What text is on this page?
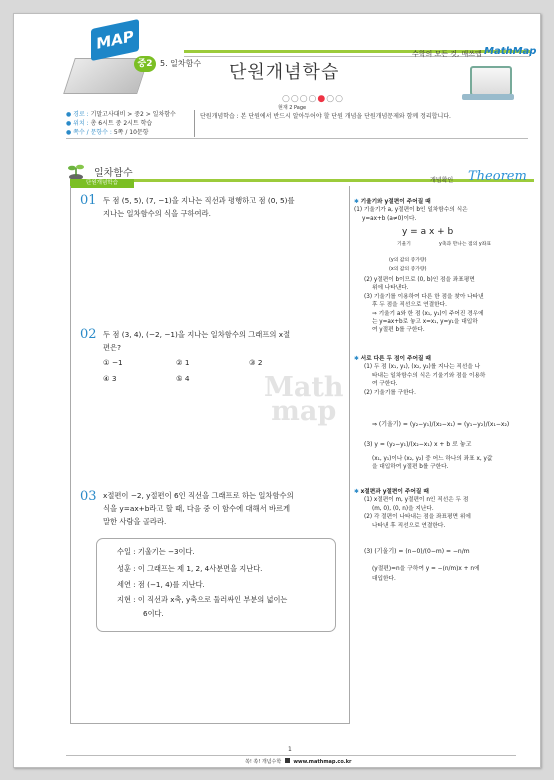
MAP
중2 5. 일차함수 단원개념학습
수학의 모든 것, 매쓰맵 MathMap
○○○○●○○
현재 2 Page
● 경로 : 기말고사대비 > 중2 > 일차함수
● 위치 : 총 6시트 중 2시트 학습
● 쪽수 / 문항수 : 5쪽 / 10문항
단원개념학습 : 본 단원에서 반드시 알아두어야 할 단원 개념을 단원개념문제와 함께 정리합니다.
일차함수
단원개념학습	개념확인 Theorem
Math
map
01 두 점 (5, 5), (7, −1)을 지나는 직선과 평행하고 점 (0, 5)를
지나는 일차함수의 식을 구하여라.
02 두 점 (3, 4), (−2, −1)을 지나는 일차함수의 그래프의 x절
편은?
① −1	② 1	③ 2
④ 3	⑤ 4
03 x절편이 −2, y절편이 6인 직선을 그래프로 하는 일차함수의
식을 y=ax+b라고 할 때, 다음 중 이 함수에 대해서 바르게
말한 사람을 골라라.
수일 : 기울기는 −3이다.
성훈 : 이 그래프는 제 1, 2, 4사분면을 지난다.
세연 : 점 (−1, 4)를 지난다.
지현 : 이 직선과 x축, y축으로 둘러싸인 부분의 넓이는
6이다.
✱ 기울기와 y절편이 주어질 때
(1) 기울기가 a, y절편이 b인 일차함수의 식은
y=ax+b (a≠0)이다.
y = a x + b
기울기	y축과 만나는 점의 y좌표
(y의 값의 증가량)
(x의 값의 증가량)
(2) y절편이 b이므로 (0, b)인 점을 좌표평면
위에 나타낸다.
(3) 기울기를 이용하여 다른 한 점을 찾아 나타낸
후 두 점을 직선으로 연결한다.
⇒ 기울기 a와 한 점 (x₁, y₁)이 주어진 경우에
는 y=ax+b로 놓고 x=x₁, y=y₁을 대입하
여 y절편 b를 구한다.
✱ 서로 다른 두 점이 주어질 때
(1) 두 점 (x₁, y₁), (x₂, y₂)를 지나는 직선을 나
타내는 일차함수의 식은 기울기와 점을 이용하
여 구한다.
(2) 기울기를 구한다.
⇒ (기울기) = (y₂−y₁)/(x₂−x₁) = (y₁−y₂)/(x₁−x₂)
(3) y = (y₂−y₁)/(x₂−x₁) x + b 로 놓고
(x₁, y₁)이나 (x₂, y₂) 중 어느 하나의 좌표 x, y값
을 대입하여 y절편 b를 구한다.
✱ x절편과 y절편이 주어질 때
(1) x절편이 m, y절편이 n인 직선은 두 점
(m, 0), (0, n)을 지난다.
(2) 각 절편이 나타내는 점을 좌표평면 위에
나타낸 후 직선으로 연결한다.
(3) (기울기) = (n−0)/(0−m) = −n/m
(y절편)=n을 구하여 y = −(n/m)x + n에
대입한다.
1
쏙! 쏙! 개념수학 www.mathmap.co.kr
